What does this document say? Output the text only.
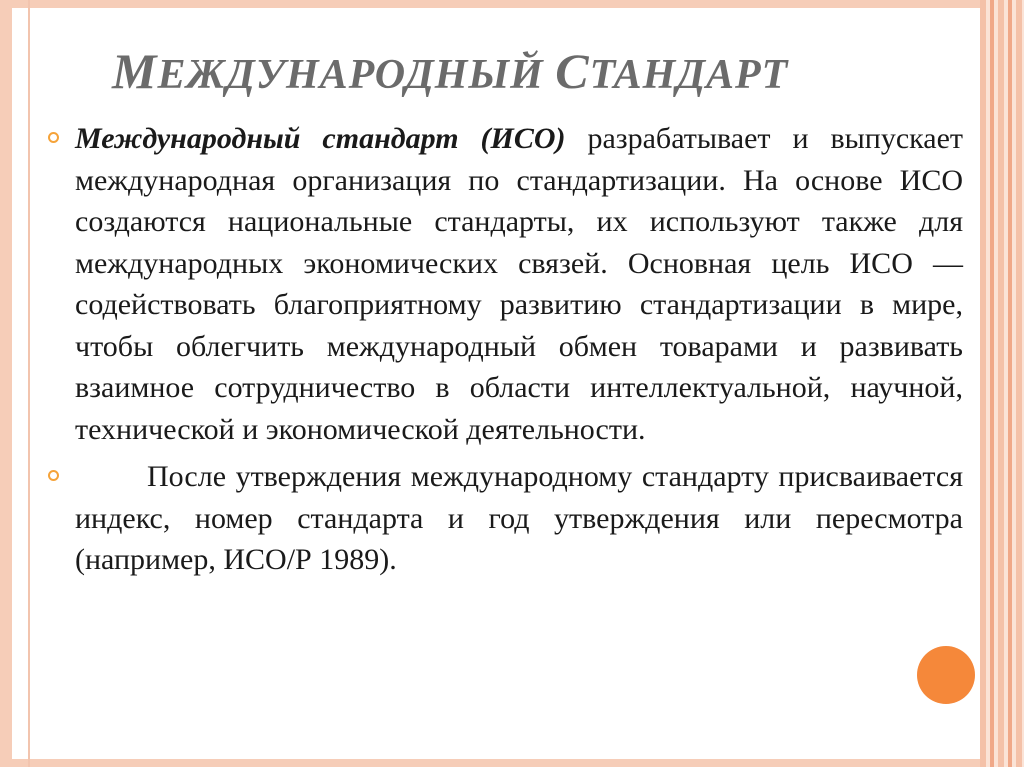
МЕЖДУНАРОДНЫЙ СТАНДАРТ

Международный стандарт (ИСО) разрабатывает и выпускает международная организация по стандартизации. На основе ИСО создаются национальные стандарты, их используют также для международных экономических связей. Основная цель ИСО — содействовать благоприятному развитию стандартизации в мире, чтобы облегчить международный обмен товарами и развивать взаимное сотрудничество в области интеллектуальной, научной, технической и экономической деятельности.

После утверждения международному стандарту присваивается индекс, номер стандарта и год утверждения или пересмотра (например, ИСО/Р 1989).
